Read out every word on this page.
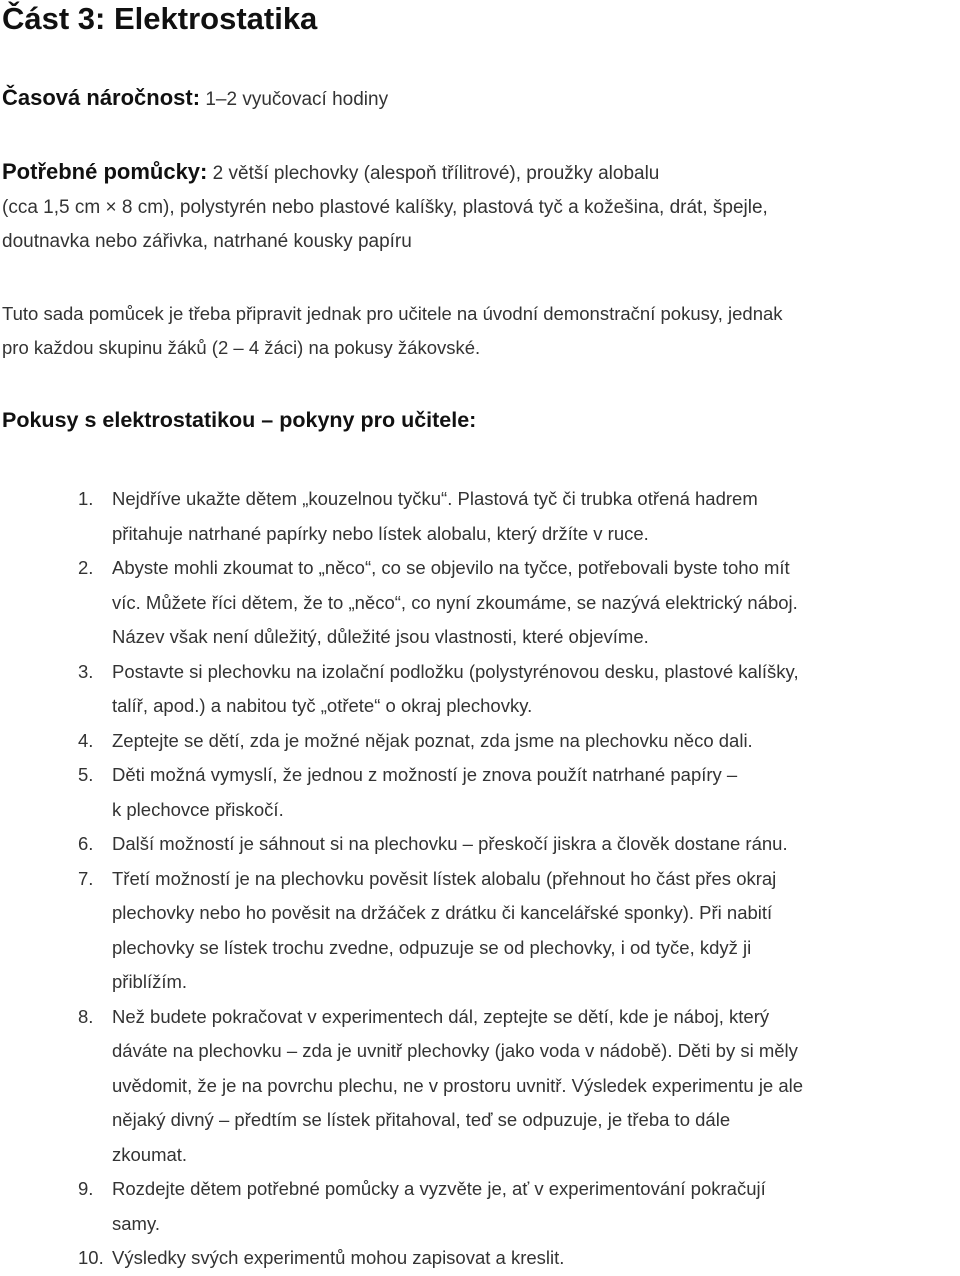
Část 3: Elektrostatika
Časová náročnost: 1–2 vyučovací hodiny
Potřebné pomůcky: 2 větší plechovky (alespoň třílitrové), proužky alobalu
(cca 1,5 cm × 8 cm), polystyrén nebo plastové kalíšky, plastová tyč a kožešina, drát, špejle,
doutnavka nebo zářivka, natrhané kousky papíru

Tuto sada pomůcek je třeba připravit jednak pro učitele na úvodní demonstrační pokusy, jednak
pro každou skupinu žáků (2 – 4 žáci) na pokusy žákovské.

Pokusy s elektrostatikou – pokyny pro učitele:
1. Nejdříve ukažte dětem „kouzelnou tyčku“. Plastová tyč či trubka otřená hadrem
přitahuje natrhané papírky nebo lístek alobalu, který držíte v ruce.
2. Abyste mohli zkoumat to „něco“, co se objevilo na tyčce, potřebovali byste toho mít
víc. Můžete říci dětem, že to „něco“, co nyní zkoumáme, se nazývá elektrický náboj.
Název však není důležitý, důležité jsou vlastnosti, které objevíme.
3. Postavte si plechovku na izolační podložku (polystyrénovou desku, plastové kalíšky,
talíř, apod.) a nabitou tyč „otřete“ o okraj plechovky.
4. Zeptejte se dětí, zda je možné nějak poznat, zda jsme na plechovku něco dali.
5. Děti možná vymyslí, že jednou z možností je znova použít natrhané papíry –
k plechovce přiskočí.
6. Další možností je sáhnout si na plechovku – přeskočí jiskra a člověk dostane ránu.
7. Třetí možností je na plechovku pověsit lístek alobalu (přehnout ho část přes okraj
plechovky nebo ho pověsit na držáček z drátku či kancelářské sponky). Při nabití
plechovky se lístek trochu zvedne, odpuzuje se od plechovky, i od tyče, když ji
přiblížím.
8. Než budete pokračovat v experimentech dál, zeptejte se dětí, kde je náboj, který
dáváte na plechovku – zda je uvnitř plechovky (jako voda v nádobě). Děti by si měly
uvědomit, že je na povrchu plechu, ne v prostoru uvnitř. Výsledek experimentu je ale
nějaký divný – předtím se lístek přitahoval, teď se odpuzuje, je třeba to dále
zkoumat.
9. Rozdejte dětem potřebné pomůcky a vyzvěte je, ať v experimentování pokračují
samy.
10. Výsledky svých experimentů mohou zapisovat a kreslit.
